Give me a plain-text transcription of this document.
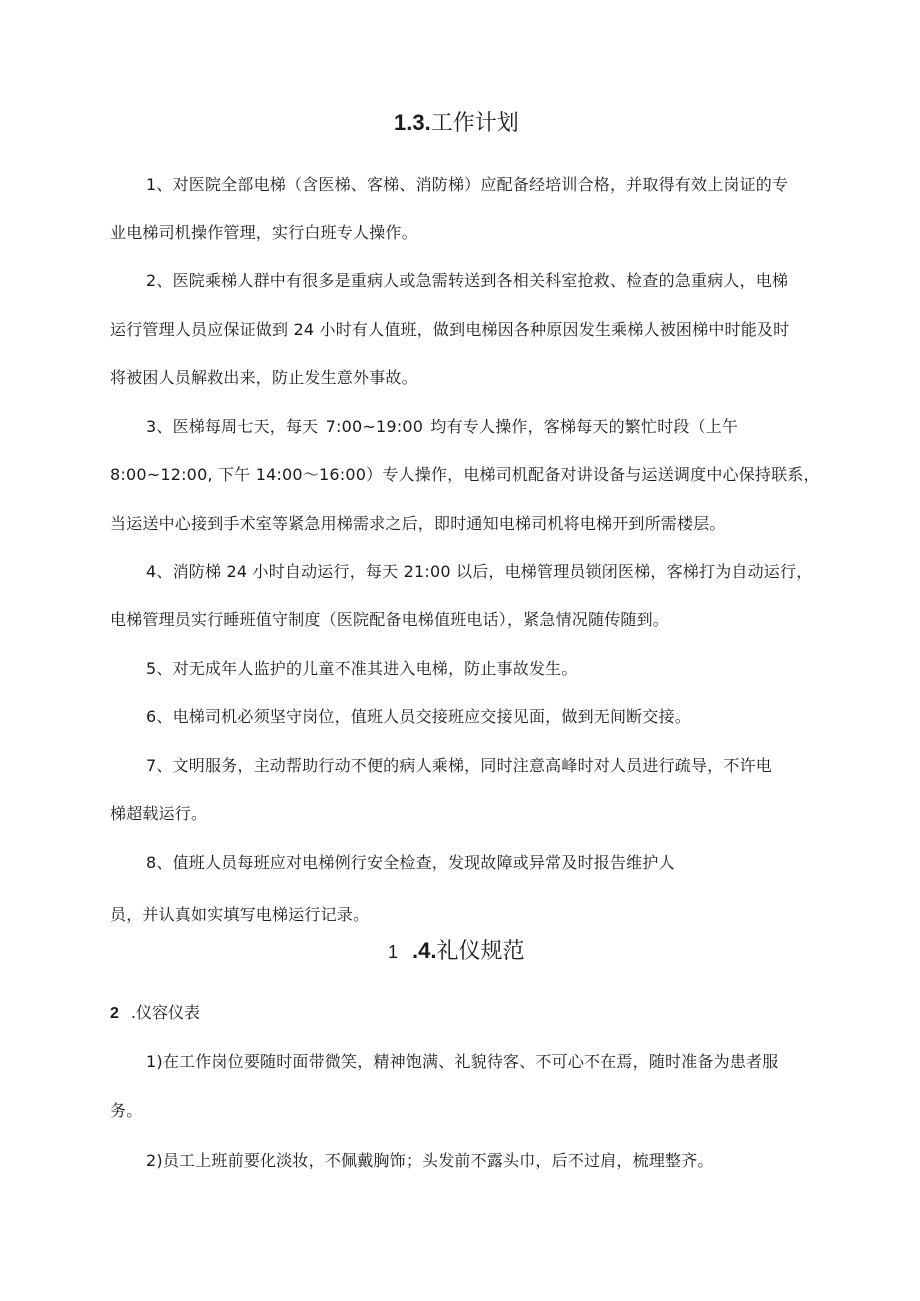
1.3.工作计划
1、对医院全部电梯（含医梯、客梯、消防梯）应配备经培训合格，并取得有效上岗证的专
业电梯司机操作管理，实行白班专人操作。
2、医院乘梯人群中有很多是重病人或急需转送到各相关科室抢救、检查的急重病人，电梯
运行管理人员应保证做到 24 小时有人值班，做到电梯因各种原因发生乘梯人被困梯中时能及时
将被困人员解救出来，防止发生意外事故。
3、医梯每周七天，每天 7:00~19:00 均有专人操作，客梯每天的繁忙时段（上午
8:00~12:00, 下午 14:00～16:00）专人操作，电梯司机配备对讲设备与运送调度中心保持联系，
当运送中心接到手术室等紧急用梯需求之后，即时通知电梯司机将电梯开到所需楼层。
4、消防梯 24 小时自动运行，每天 21:00 以后，电梯管理员锁闭医梯，客梯打为自动运行，
电梯管理员实行睡班值守制度（医院配备电梯值班电话），紧急情况随传随到。
5、对无成年人监护的儿童不准其进入电梯，防止事故发生。
6、电梯司机必须坚守岗位，值班人员交接班应交接见面，做到无间断交接。
7、文明服务，主动帮助行动不便的病人乘梯，同时注意高峰时对人员进行疏导，不许电
梯超载运行。
8、值班人员每班应对电梯例行安全检查，发现故障或异常及时报告维护人
员，并认真如实填写电梯运行记录。
1 .4.礼仪规范
2 .仪容仪表
1)在工作岗位要随时面带微笑，精神饱满、礼貌待客、不可心不在焉，随时准备为患者服
务。
2)员工上班前要化淡妆，不佩戴胸饰；头发前不露头巾，后不过肩，梳理整齐。
